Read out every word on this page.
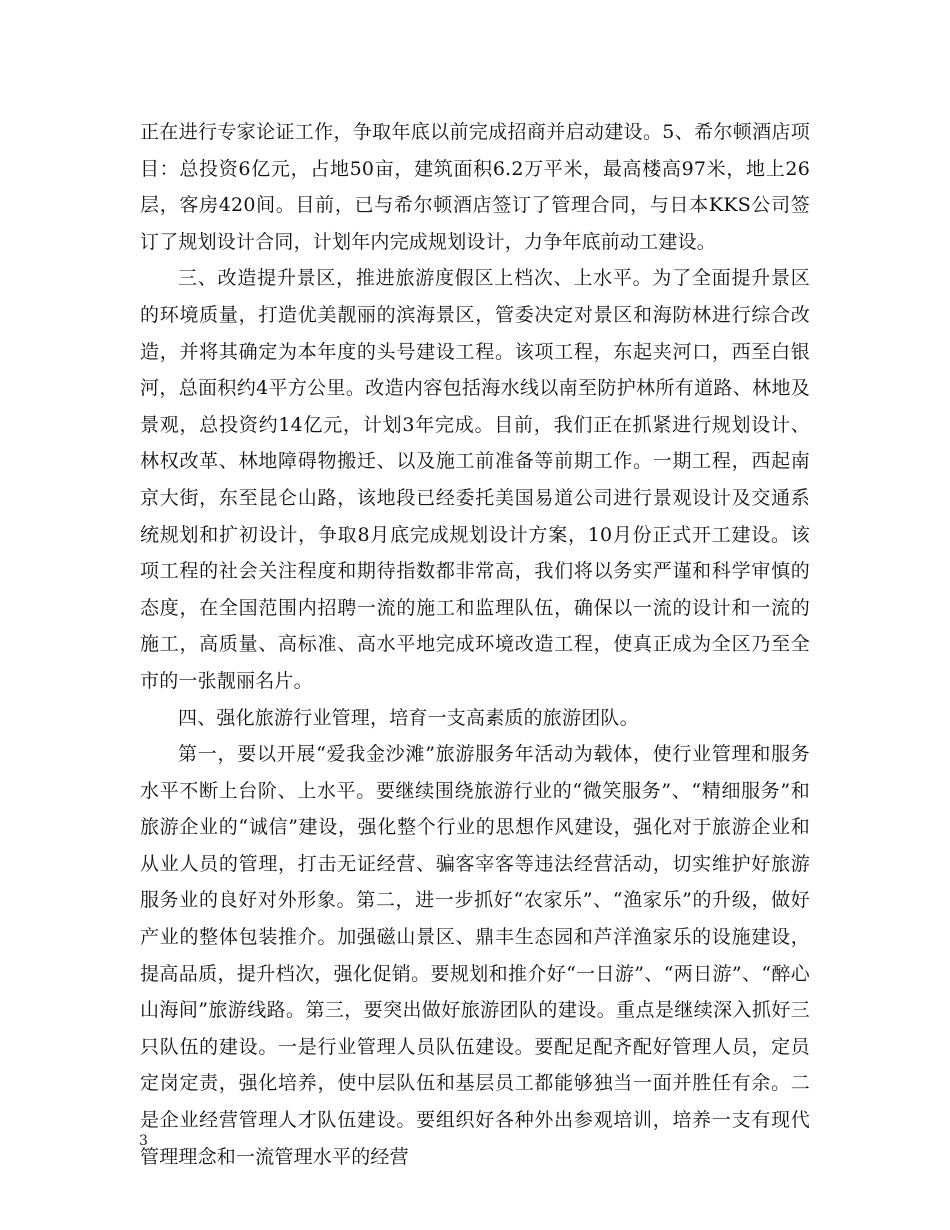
正在进行专家论证工作，争取年底以前完成招商并启动建设。5、希尔顿酒店项目：总投资6亿元，占地50亩，建筑面积6.2万平米，最高楼高97米，地上26层，客房420间。目前，已与希尔顿酒店签订了管理合同，与日本KKS公司签订了规划设计合同，计划年内完成规划设计，力争年底前动工建设。

三、改造提升景区，推进旅游度假区上档次、上水平。为了全面提升景区的环境质量，打造优美靓丽的滨海景区，管委决定对景区和海防林进行综合改造，并将其确定为本年度的头号建设工程。该项工程，东起夹河口，西至白银河，总面积约4平方公里。改造内容包括海水线以南至防护林所有道路、林地及景观，总投资约14亿元，计划3年完成。目前，我们正在抓紧进行规划设计、林权改革、林地障碍物搬迁、以及施工前准备等前期工作。一期工程，西起南京大街，东至昆仑山路，该地段已经委托美国易道公司进行景观设计及交通系统规划和扩初设计，争取8月底完成规划设计方案，10月份正式开工建设。该项工程的社会关注程度和期待指数都非常高，我们将以务实严谨和科学审慎的态度，在全国范围内招聘一流的施工和监理队伍，确保以一流的设计和一流的施工，高质量、高标准、高水平地完成环境改造工程，使真正成为全区乃至全市的一张靓丽名片。

四、强化旅游行业管理，培育一支高素质的旅游团队。

第一，要以开展“爱我金沙滩”旅游服务年活动为载体，使行业管理和服务水平不断上台阶、上水平。要继续围绕旅游行业的“微笑服务”、“精细服务”和旅游企业的“诚信”建设，强化整个行业的思想作风建设，强化对于旅游企业和从业人员的管理，打击无证经营、骗客宰客等违法经营活动，切实维护好旅游服务业的良好对外形象。第二，进一步抓好“农家乐”、“渔家乐”的升级，做好产业的整体包装推介。加强磁山景区、鼎丰生态园和芦洋渔家乐的设施建设，提高品质，提升档次，强化促销。要规划和推介好“一日游”、“两日游”、“醉心山海间”旅游线路。第三，要突出做好旅游团队的建设。重点是继续深入抓好三只队伍的建设。一是行业管理人员队伍建设。要配足配齐配好管理人员，定员定岗定责，强化培养，使中层队伍和基层员工都能够独当一面并胜任有余。二是企业经营管理人才队伍建设。要组织好各种外出参观培训，培养一支有现代管理理念和一流管理水平的经营

3
